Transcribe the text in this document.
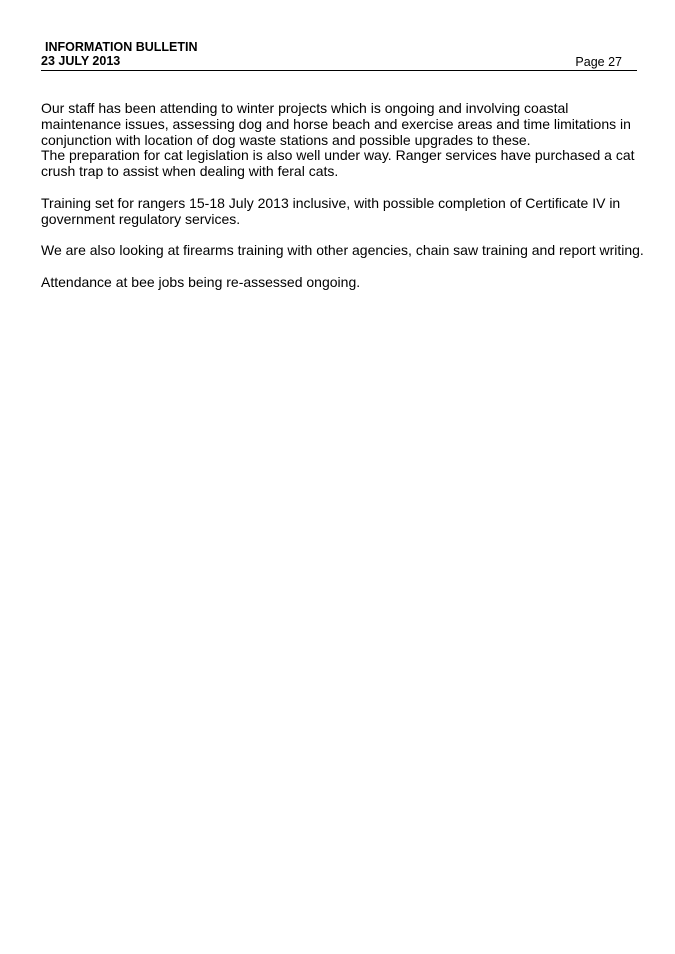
INFORMATION BULLETIN
23 JULY 2013	Page 27

Our staff has been attending to winter projects which is ongoing and involving coastal
maintenance issues, assessing dog and horse beach and exercise areas and time limitations in
conjunction with location of dog waste stations and possible upgrades to these.
The preparation for cat legislation is also well under way. Ranger services have purchased a cat
crush trap to assist when dealing with feral cats.

Training set for rangers 15-18 July 2013 inclusive, with possible completion of Certificate IV in
government regulatory services.

We are also looking at firearms training with other agencies, chain saw training and report writing.

Attendance at bee jobs being re-assessed ongoing.
